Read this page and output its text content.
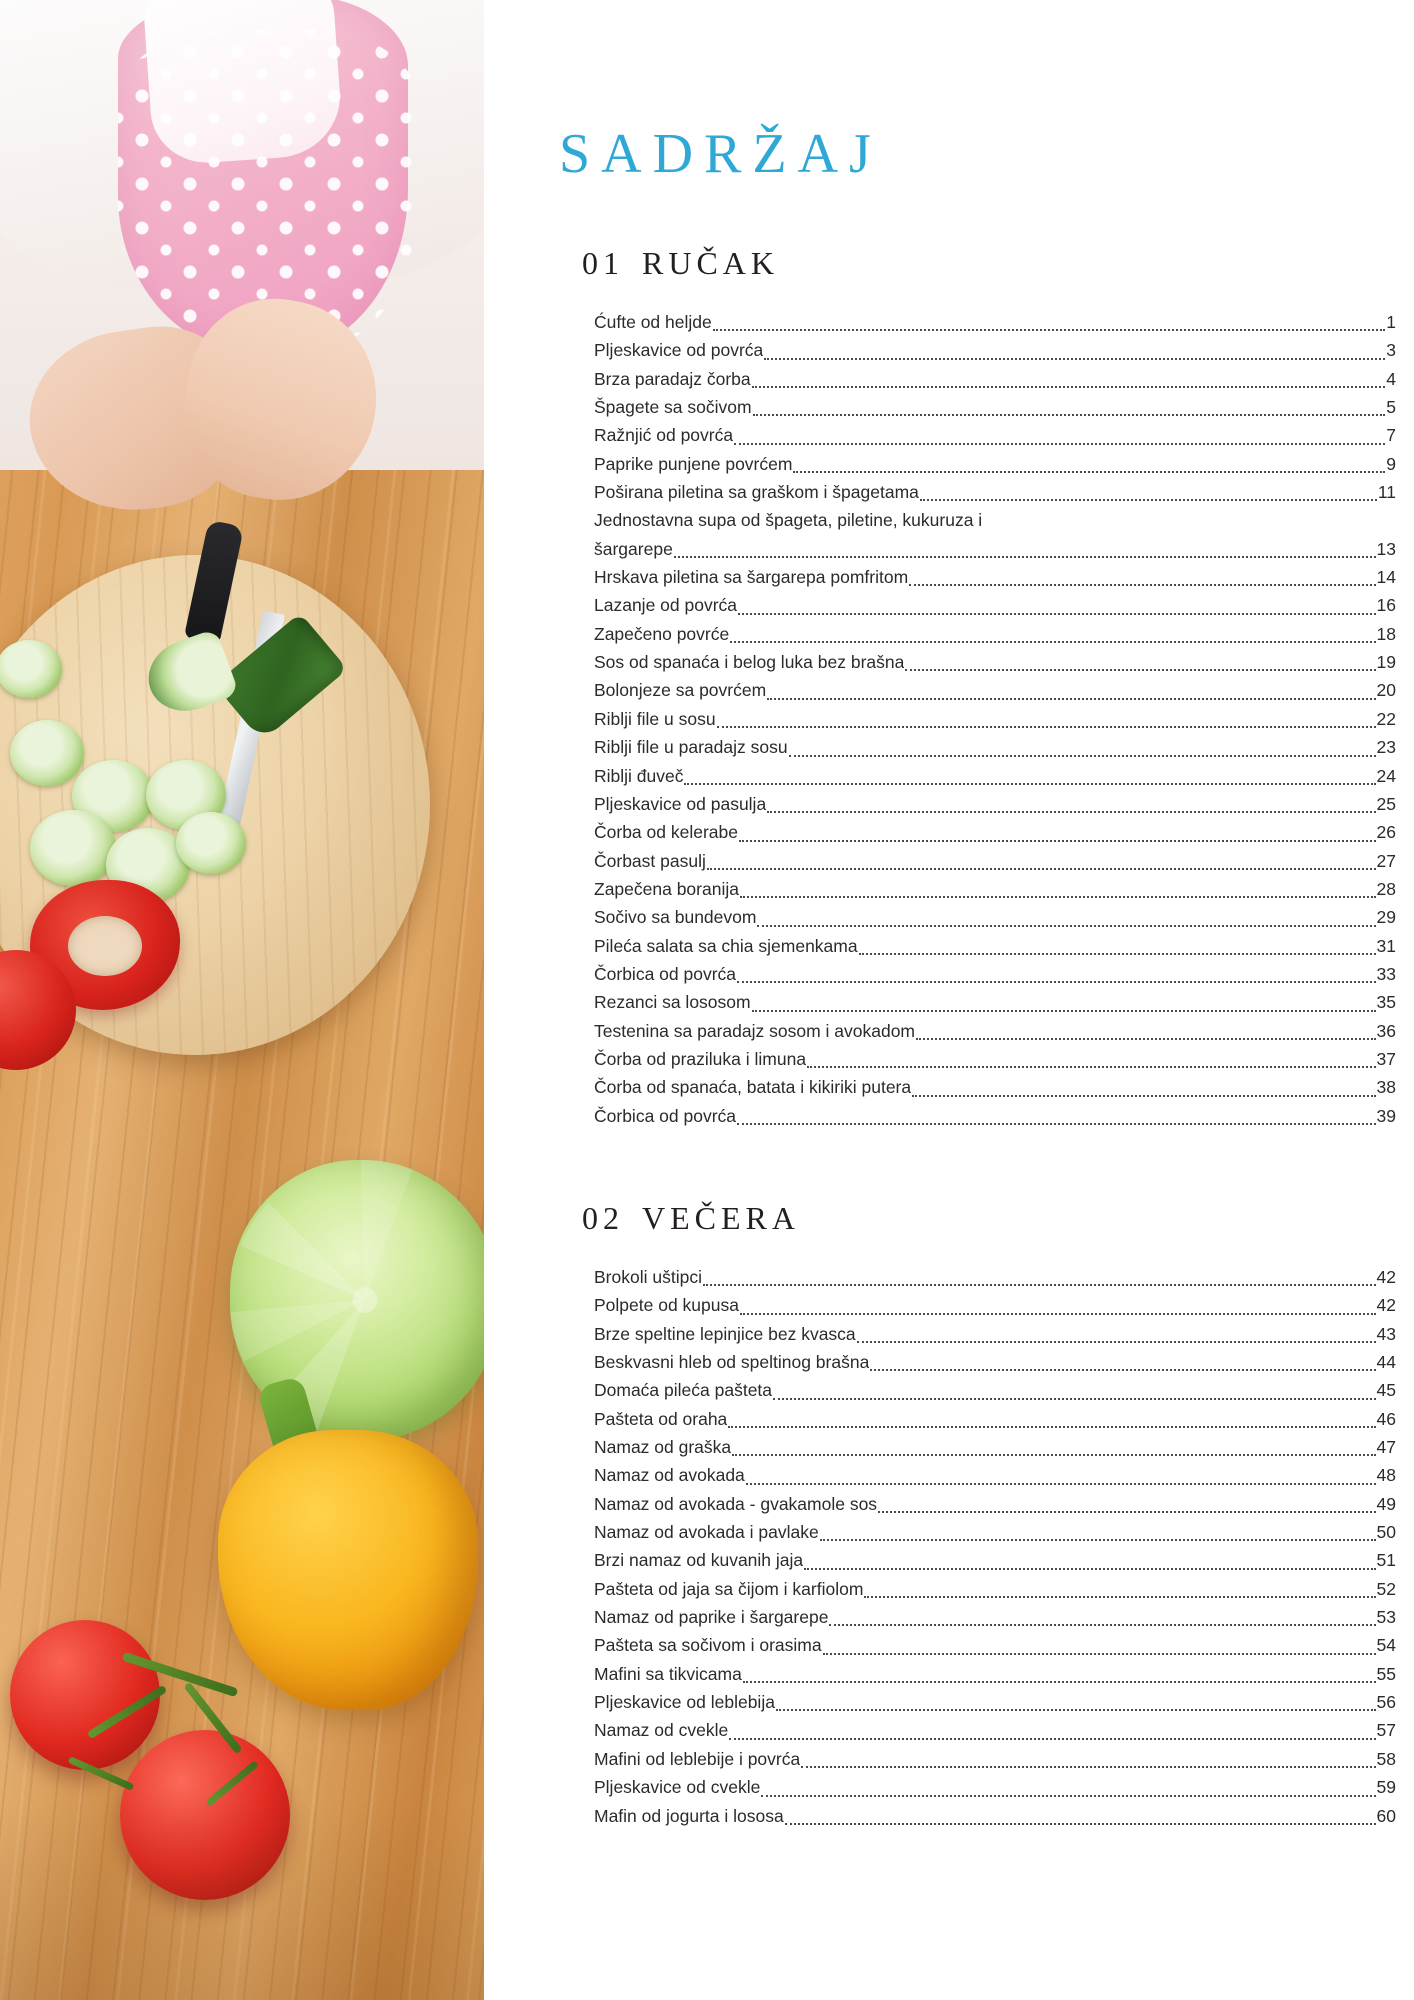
SADRŽAJ
01 RUČAK
Ćufte od heljde	1
Pljeskavice od povrća	3
Brza paradajz čorba	4
Špagete sa sočivom	5
Ražnjić od povrća	7
Paprike punjene povrćem	9
Poširana piletina sa graškom i špagetama	11
Jednostavna supa od špageta, piletine, kukuruza i
šargarepe	13
Hrskava piletina sa šargarepa pomfritom	14
Lazanje od povrća	16
Zapečeno povrće	18
Sos od spanaća i belog luka bez brašna	19
Bolonjeze sa povrćem	20
Riblji file u sosu	22
Riblji file u paradajz sosu	23
Riblji đuveč	24
Pljeskavice od pasulja	25
Čorba od kelerabe	26
Čorbast pasulj	27
Zapečena boranija	28
Sočivo sa bundevom	29
Pileća salata sa chia sjemenkama	31
Čorbica od povrća	33
Rezanci sa lososom	35
Testenina sa paradajz sosom i avokadom	36
Čorba od praziluka i limuna	37
Čorba od spanaća, batata i kikiriki putera	38
Čorbica od povrća	39
02 VEČERA
Brokoli uštipci	42
Polpete od kupusa	42
Brze speltine lepinjice bez kvasca	43
Beskvasni hleb od speltinog brašna	44
Domaća pileća pašteta	45
Pašteta od oraha	46
Namaz od graška	47
Namaz od avokada	48
Namaz od avokada - gvakamole sos	49
Namaz od avokada i pavlake	50
Brzi namaz od kuvanih jaja	51
Pašteta od jaja sa čijom i karfiolom	52
Namaz od paprike i šargarepe	53
Pašteta sa sočivom i orasima	54
Mafini sa tikvicama	55
Pljeskavice od leblebija	56
Namaz od cvekle	57
Mafini od leblebije i povrća	58
Pljeskavice od cvekle	59
Mafin od jogurta i lososa	60
